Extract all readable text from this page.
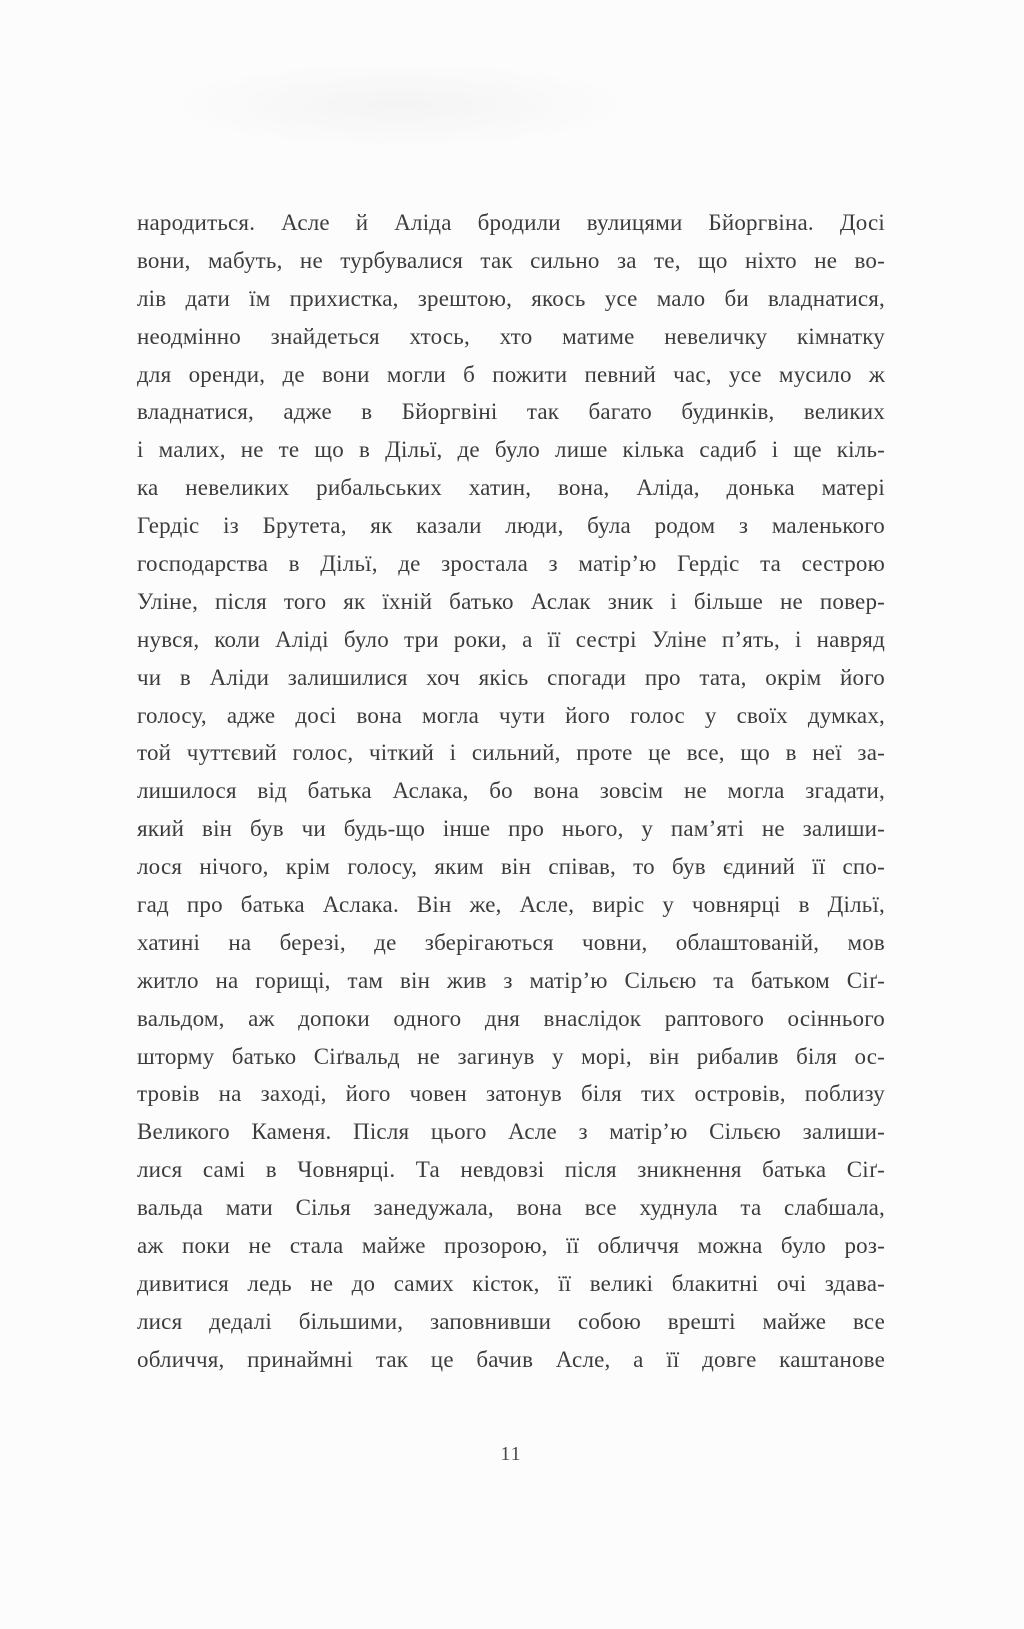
народиться. Асле й Аліда бродили вулицями Бйоргвіна. Досі
вони, мабуть, не турбувалися так сильно за те, що ніхто не во-
лів дати їм прихистка, зрештою, якось усе мало би владнатися,
неодмінно знайдеться хтось, хто матиме невеличку кімнатку
для оренди, де вони могли б пожити певний час, усе мусило ж
владнатися, адже в Бйоргвіні так багато будинків, великих
і малих, не те що в Дільї, де було лише кілька садиб і ще кіль-
ка невеликих рибальських хатин, вона, Аліда, донька матері
Гердіс із Брутета, як казали люди, була родом з маленького
господарства в Дільї, де зростала з матір’ю Гердіс та сестрою
Уліне, після того як їхній батько Аслак зник і більше не повер-
нувся, коли Аліді було три роки, а її сестрі Уліне п’ять, і навряд
чи в Аліди залишилися хоч якісь спогади про тата, окрім його
голосу, адже досі вона могла чути його голос у своїх думках,
той чуттєвий голос, чіткий і сильний, проте це все, що в неї за-
лишилося від батька Аслака, бо вона зовсім не могла згадати,
який він був чи будь-що інше про нього, у пам’яті не залиши-
лося нічого, крім голосу, яким він співав, то був єдиний її спо-
гад про батька Аслака. Він же, Асле, виріс у човнярці в Дільї,
хатині на березі, де зберігаються човни, облаштованій, мов
житло на горищі, там він жив з матір’ю Сільєю та батьком Сіґ-
вальдом, аж допоки одного дня внаслідок раптового осіннього
шторму батько Сіґвальд не загинув у морі, він рибалив біля ос-
тровів на заході, його човен затонув біля тих островів, поблизу
Великого Каменя. Після цього Асле з матір’ю Сільєю залиши-
лися самі в Човнярці. Та невдовзі після зникнення батька Сіґ-
вальда мати Сілья занедужала, вона все худнула та слабшала,
аж поки не стала майже прозорою, її обличчя можна було роз-
дивитися ледь не до самих кісток, її великі блакитні очі здава-
лися дедалі більшими, заповнивши собою врешті майже все
обличчя, принаймні так це бачив Асле, а її довге каштанове
11
